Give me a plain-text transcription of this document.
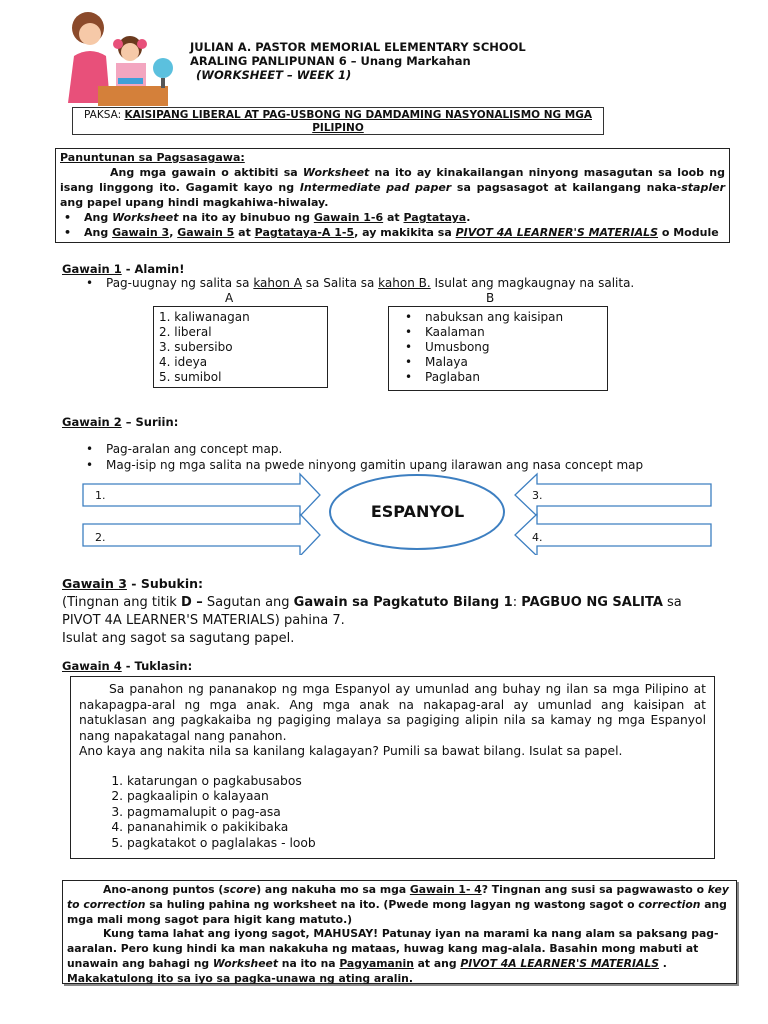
JULIAN A. PASTOR MEMORIAL ELEMENTARY SCHOOL
ARALING PANLIPUNAN 6 – Unang Markahan
(WORKSHEET – WEEK 1)
PAKSA: KAISIPANG LIBERAL AT PAG-USBONG NG DAMDAMING NASYONALISMO NG MGA PILIPINO
Panuntunan sa Pagsasagawa:
Ang mga gawain o aktibiti sa Worksheet na ito ay kinakailangan ninyong masagutan sa loob ng isang linggong ito. Gagamit kayo ng Intermediate pad paper sa pagsasagot at kailangang naka-stapler ang papel upang hindi magkahiwa-hiwalay.
• Ang Worksheet na ito ay binubuo ng Gawain 1-6 at Pagtataya.
• Ang Gawain 3, Gawain 5 at Pagtataya-A 1-5, ay makikita sa PIVOT 4A LEARNER'S MATERIALS o Module
Gawain 1 - Alamin!
• Pag-uugnay ng salita sa kahon A sa Salita sa kahon B. Isulat ang magkaugnay na salita.
A	B
1. kaliwanagan
2. liberal
3. subersibo
4. ideya
5. sumibol
• nabuksan ang kaisipan
• Kaalaman
• Umusbong
• Malaya
• Paglaban
Gawain 2 – Suriin:
• Pag-aralan ang concept map.
• Mag-isip ng mga salita na pwede ninyong gamitin upang ilarawan ang nasa concept map
1.
2.
3.
4.
ESPANYOL
Gawain 3 - Subukin:
(Tingnan ang titik D – Sagutan ang Gawain sa Pagkatuto Bilang 1: PAGBUO NG SALITA sa PIVOT 4A LEARNER'S MATERIALS) pahina 7.
Isulat ang sagot sa sagutang papel.
Gawain 4 - Tuklasin:
Sa panahon ng pananakop ng mga Espanyol ay umunlad ang buhay ng ilan sa mga Pilipino at nakapagpa-aral ng mga anak. Ang mga anak na nakapag-aral ay umunlad ang kaisipan at natuklasan ang pagkakaiba ng pagiging malaya sa pagiging alipin nila sa kamay ng mga Espanyol nang napakatagal nang panahon.
Ano kaya ang nakita nila sa kanilang kalagayan? Pumili sa bawat bilang. Isulat sa papel.
1. katarungan o pagkabusabos
2. pagkaalipin o kalayaan
3. pagmamalupit o pag-asa
4. pananahimik o pakikibaka
5. pagkatakot o paglalakas - loob
Ano-anong puntos (score) ang nakuha mo sa mga Gawain 1- 4? Tingnan ang susi sa pagwawasto o key to correction sa huling pahina ng worksheet na ito. (Pwede mong lagyan ng wastong sagot o correction ang mga mali mong sagot para higit kang matuto.)
Kung tama lahat ang iyong sagot, MAHUSAY! Patunay iyan na marami ka nang alam sa paksang pag-aaralan. Pero kung hindi ka man nakakuha ng mataas, huwag kang mag-alala. Basahin mong mabuti at unawain ang bahagi ng Worksheet na ito na Pagyamanin at ang PIVOT 4A LEARNER'S MATERIALS . Makakatulong ito sa iyo sa pagka-unawa ng ating aralin.
